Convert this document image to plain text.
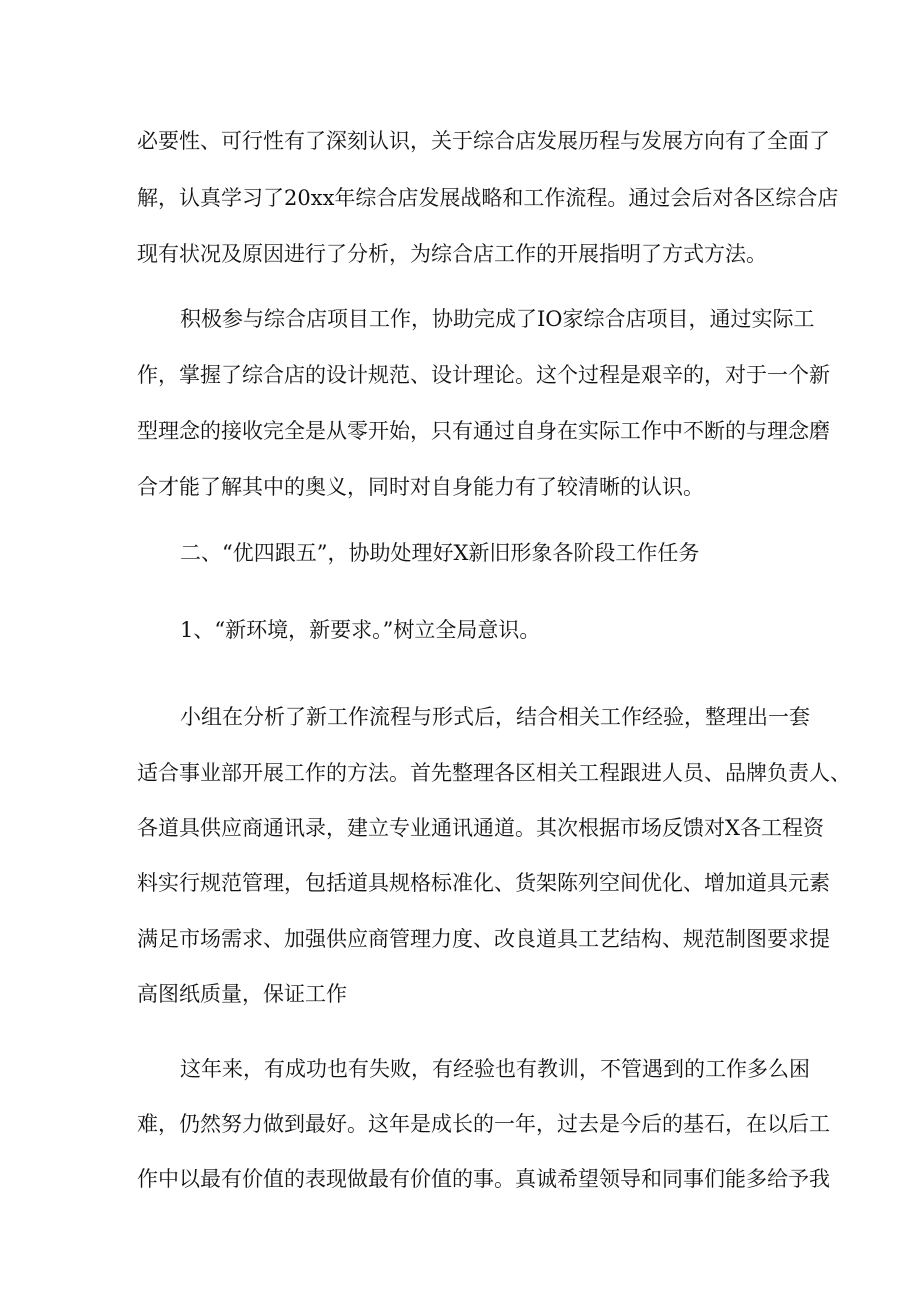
必要性、可行性有了深刻认识，关于综合店发展历程与发展方向有了全面了
解，认真学习了20xx年综合店发展战略和工作流程。通过会后对各区综合店
现有状况及原因进行了分析，为综合店工作的开展指明了方式方法。
积极参与综合店项目工作，协助完成了IO家综合店项目，通过实际工
作，掌握了综合店的设计规范、设计理论。这个过程是艰辛的，对于一个新
型理念的接收完全是从零开始，只有通过自身在实际工作中不断的与理念磨
合才能了解其中的奥义，同时对自身能力有了较清晰的认识。
二、“优四跟五”，协助处理好X新旧形象各阶段工作任务
1、“新环境，新要求。”树立全局意识。
小组在分析了新工作流程与形式后，结合相关工作经验，整理出一套
适合事业部开展工作的方法。首先整理各区相关工程跟进人员、品牌负责人、
各道具供应商通讯录，建立专业通讯通道。其次根据市场反馈对X各工程资
料实行规范管理，包括道具规格标准化、货架陈列空间优化、增加道具元素
满足市场需求、加强供应商管理力度、改良道具工艺结构、规范制图要求提
高图纸质量，保证工作
这年来，有成功也有失败，有经验也有教训，不管遇到的工作多么困
难，仍然努力做到最好。这年是成长的一年，过去是今后的基石，在以后工
作中以最有价值的表现做最有价值的事。真诚希望领导和同事们能多给予我
